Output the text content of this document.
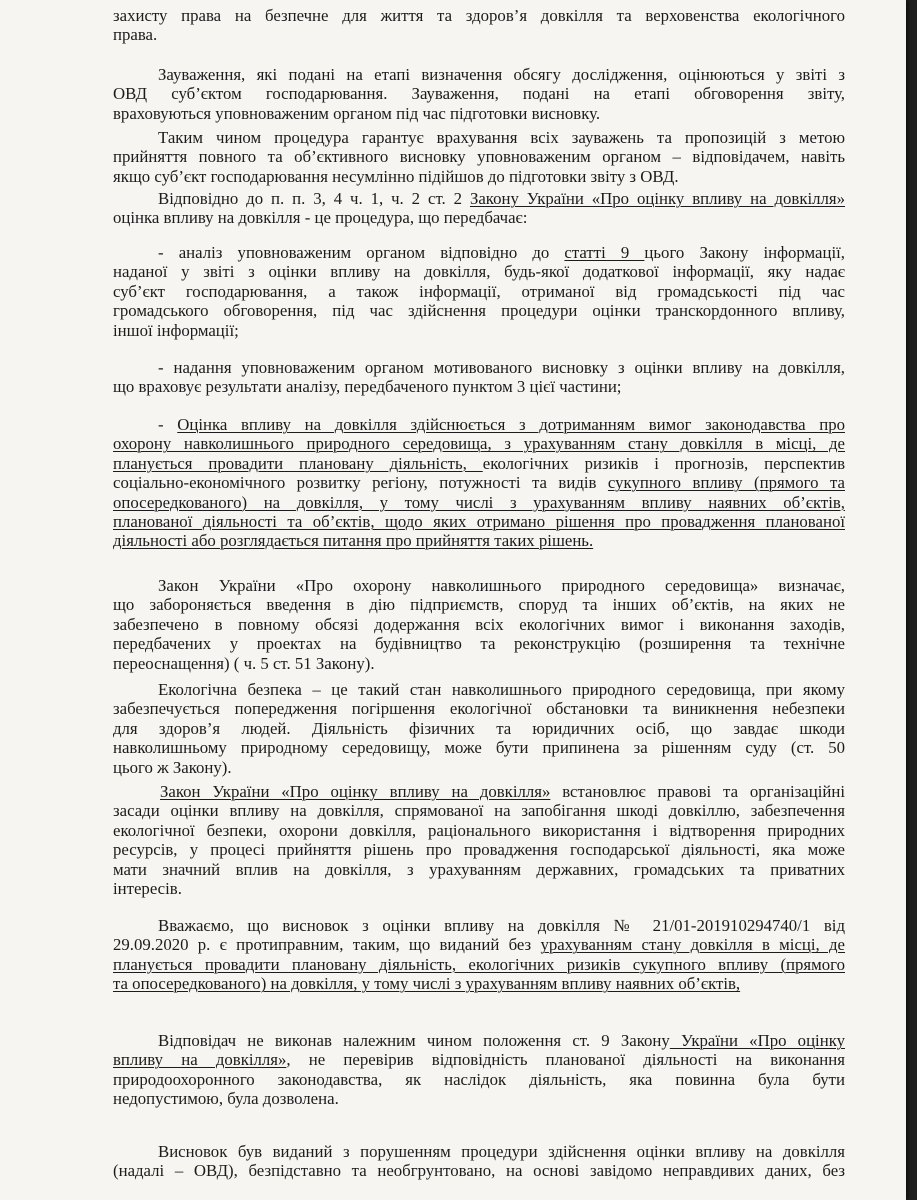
захисту права на безпечне для життя та здоров’я довкілля та верховенства екологічного
права.
Зауваження, які подані на етапі визначення обсягу дослідження, оцінюються у звіті з
ОВД суб’єктом господарювання. Зауваження, подані на етапі обговорення звіту,
враховуються уповноваженим органом під час підготовки висновку.
Таким чином процедура гарантує врахування всіх зауважень та пропозицій з метою
прийняття повного та об’єктивного висновку уповноваженим органом – відповідачем, навіть
якщо суб’єкт господарювання несумлінно підійшов до підготовки звіту з ОВД.
Відповідно до п. п. 3, 4 ч. 1, ч. 2 ст. 2 Закону України «Про оцінку впливу на довкілля»
оцінка впливу на довкілля - це процедура, що передбачає:
- аналіз уповноваженим органом відповідно до статті 9 цього Закону інформації,
наданої у звіті з оцінки впливу на довкілля, будь-якої додаткової інформації, яку надає
суб’єкт господарювання, а також інформації, отриманої від громадськості під час
громадського обговорення, під час здійснення процедури оцінки транскордонного впливу,
іншої інформації;
- надання уповноваженим органом мотивованого висновку з оцінки впливу на довкілля,
що враховує результати аналізу, передбаченого пунктом 3 цієї частини;
- Оцінка впливу на довкілля здійснюється з дотриманням вимог законодавства про
охорону навколишнього природного середовища, з урахуванням стану довкілля в місці, де
планується провадити плановану діяльність, екологічних ризиків і прогнозів, перспектив
соціально-економічного розвитку регіону, потужності та видів сукупного впливу (прямого та
опосередкованого) на довкілля, у тому числі з урахуванням впливу наявних об’єктів,
планованої діяльності та об’єктів, щодо яких отримано рішення про провадження планованої
діяльності або розглядається питання про прийняття таких рішень.
Закон України «Про охорону навколишнього природного середовища» визначає,
що забороняється введення в дію підприємств, споруд та інших об’єктів, на яких не
забезпечено в повному обсязі додержання всіх екологічних вимог і виконання заходів,
передбачених у проектах на будівництво та реконструкцію (розширення та технічне
переоснащення) ( ч. 5 ст. 51 Закону).
Екологічна безпека – це такий стан навколишнього природного середовища, при якому
забезпечується попередження погіршення екологічної обстановки та виникнення небезпеки
для здоров’я людей. Діяльність фізичних та юридичних осіб, що завдає шкоди
навколишньому природному середовищу, може бути припинена за рішенням суду (ст. 50
цього ж Закону).
Закон України «Про оцінку впливу на довкілля» встановлює правові та організаційні
засади оцінки впливу на довкілля, спрямованої на запобігання шкоді довкіллю, забезпечення
екологічної безпеки, охорони довкілля, раціонального використання і відтворення природних
ресурсів, у процесі прийняття рішень про провадження господарської діяльності, яка може
мати значний вплив на довкілля, з урахуванням державних, громадських та приватних
інтересів.
Вважаємо, що висновок з оцінки впливу на довкілля № 21/01-201910294740/1 від
29.09.2020 р. є протиправним, таким, що виданий без урахуванням стану довкілля в місці, де
планується провадити плановану діяльність, екологічних ризиків сукупного впливу (прямого
та опосередкованого) на довкілля, у тому числі з урахуванням впливу наявних об’єктів,
Відповідач не виконав належним чином положення ст. 9 Закону України «Про оцінку
впливу на довкілля», не перевірив відповідність планованої діяльності на виконання
природоохоронного законодавства, як наслідок діяльність, яка повинна була бути
недопустимою, була дозволена.
Висновок був виданий з порушенням процедури здійснення оцінки впливу на довкілля
(надалі – ОВД), безпідставно та необгрунтовано, на основі завідомо неправдивих даних, без
